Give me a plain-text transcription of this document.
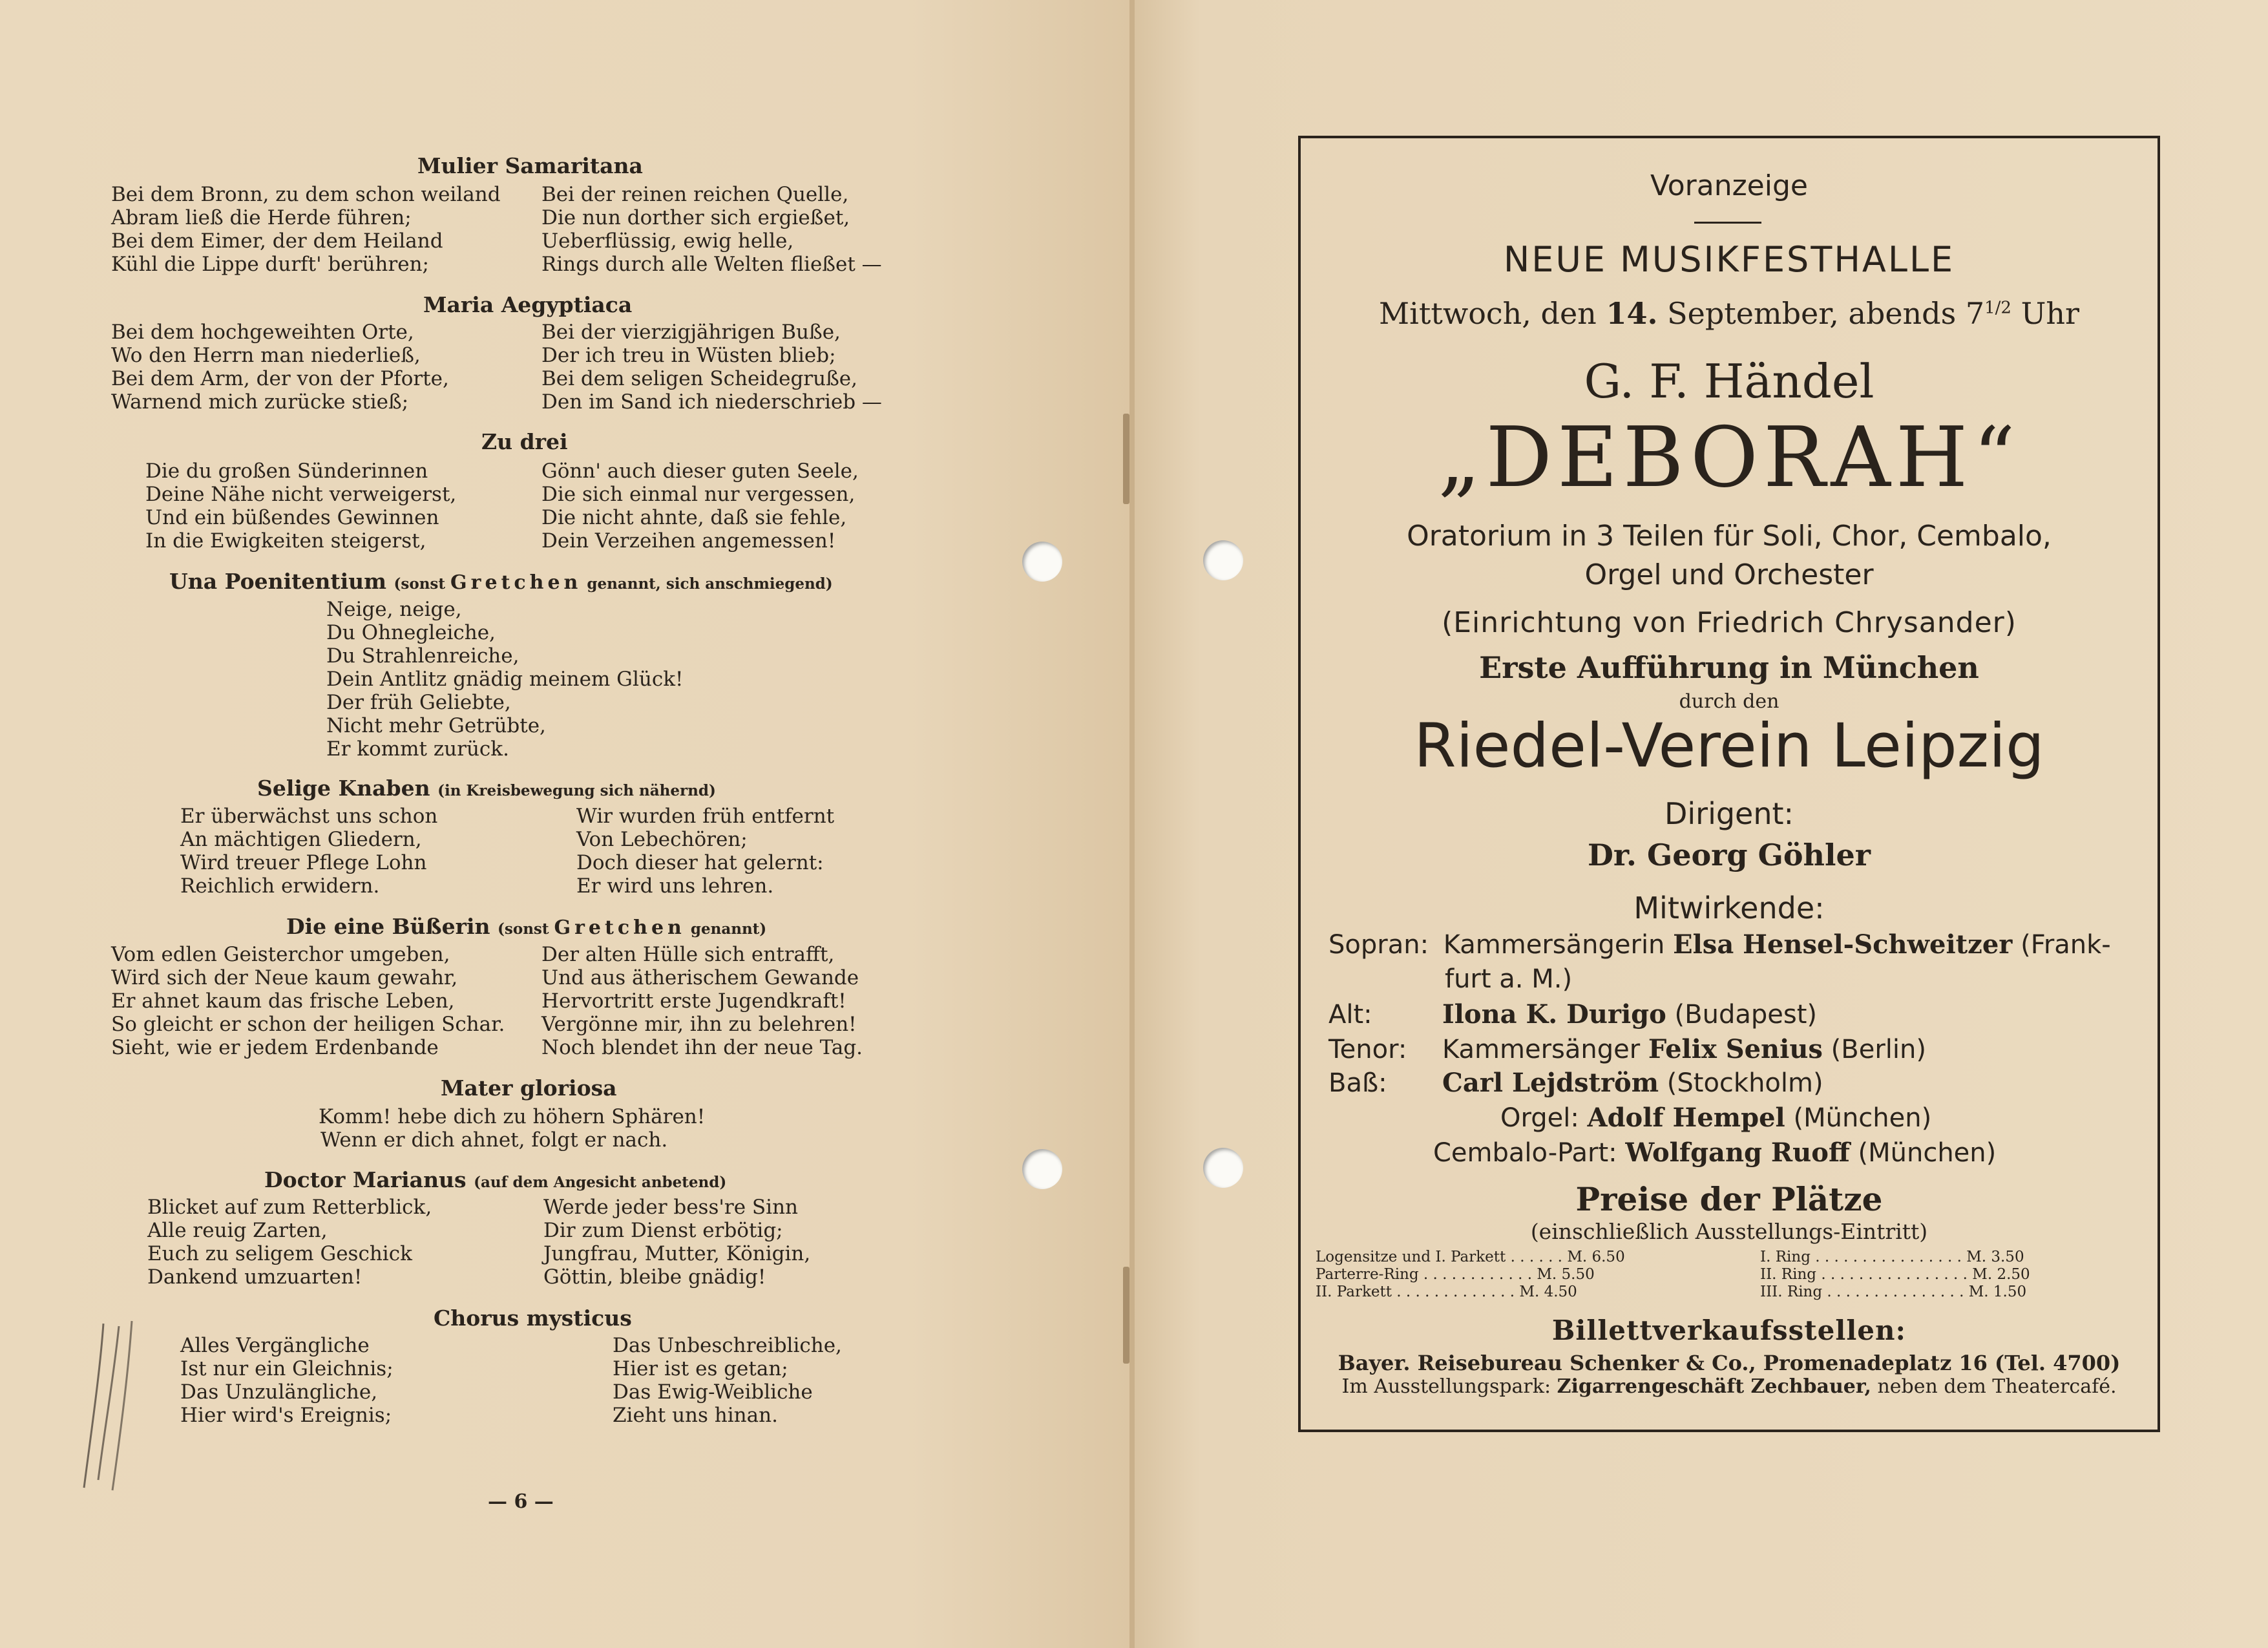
Mulier Samaritana
Bei dem Bronn, zu dem schon weiland
Abram ließ die Herde führen;
Bei dem Eimer, der dem Heiland
Kühl die Lippe durft' berühren;
Bei der reinen reichen Quelle,
Die nun dorther sich ergießet,
Ueberflüssig, ewig helle,
Rings durch alle Welten fließet —
Maria Aegyptiaca
Bei dem hochgeweihten Orte,
Wo den Herrn man niederließ,
Bei dem Arm, der von der Pforte,
Warnend mich zurücke stieß;
Bei der vierzigjährigen Buße,
Der ich treu in Wüsten blieb;
Bei dem seligen Scheidegruße,
Den im Sand ich niederschrieb —
Zu drei
Die du großen Sünderinnen
Deine Nähe nicht verweigerst,
Und ein büßendes Gewinnen
In die Ewigkeiten steigerst,
Gönn' auch dieser guten Seele,
Die sich einmal nur vergessen,
Die nicht ahnte, daß sie fehle,
Dein Verzeihen angemessen!
Una Poenitentium (sonst Gretchen genannt, sich anschmiegend)
Neige, neige,
Du Ohnegleiche,
Du Strahlenreiche,
Dein Antlitz gnädig meinem Glück!
Der früh Geliebte,
Nicht mehr Getrübte,
Er kommt zurück.
Selige Knaben (in Kreisbewegung sich nähernd)
Er überwächst uns schon
An mächtigen Gliedern,
Wird treuer Pflege Lohn
Reichlich erwidern.
Wir wurden früh entfernt
Von Lebechören;
Doch dieser hat gelernt:
Er wird uns lehren.
Die eine Büßerin (sonst Gretchen genannt)
Vom edlen Geisterchor umgeben,
Wird sich der Neue kaum gewahr,
Er ahnet kaum das frische Leben,
So gleicht er schon der heiligen Schar.
Sieht, wie er jedem Erdenbande
Der alten Hülle sich entrafft,
Und aus ätherischem Gewande
Hervortritt erste Jugendkraft!
Vergönne mir, ihn zu belehren!
Noch blendet ihn der neue Tag.
Mater gloriosa
Komm! hebe dich zu höhern Sphären!
Wenn er dich ahnet, folgt er nach.
Doctor Marianus (auf dem Angesicht anbetend)
Blicket auf zum Retterblick,
Alle reuig Zarten,
Euch zu seligem Geschick
Dankend umzuarten!
Werde jeder bess're Sinn
Dir zum Dienst erbötig;
Jungfrau, Mutter, Königin,
Göttin, bleibe gnädig!
Chorus mysticus
Alles Vergängliche
Ist nur ein Gleichnis;
Das Unzulängliche,
Hier wird's Ereignis;
Das Unbeschreibliche,
Hier ist es getan;
Das Ewig-Weibliche
Zieht uns hinan.
— 6 —
Voranzeige
NEUE MUSIKFESTHALLE
Mittwoch, den 14. September, abends $7^{1/2}$ Uhr
G. F. Händel
„DEBORAH“
Oratorium in 3 Teilen für Soli, Chor, Cembalo,
Orgel und Orchester
(Einrichtung von Friedrich Chrysander)
Erste Aufführung in München
durch den
Riedel-Verein Leipzig
Dirigent:
Dr. Georg Göhler
Mitwirkende:
Sopran: Kammersängerin Elsa Hensel-Schweitzer (Frank-
furt a. M.)
Alt:	Ilona K. Durigo (Budapest)
Tenor: Kammersänger Felix Senius (Berlin)
Baß: Carl Lejdström (Stockholm)
Orgel: Adolf Hempel (München)
Cembalo-Part: Wolfgang Ruoff (München)
Preise der Plätze
(einschließlich Ausstellungs-Eintritt)
Logensitze und I. Parkett . . . . . . M. 6.50
Parterre-Ring . . . . . . . . . . . . M. 5.50
II. Parkett . . . . . . . . . . . . . M. 4.50
I. Ring . . . . . . . . . . . . . . . . M. 3.50
II. Ring . . . . . . . . . . . . . . . . M. 2.50
III. Ring . . . . . . . . . . . . . . . M. 1.50
Billettverkaufsstellen:
Bayer. Reisebureau Schenker & Co., Promenadeplatz 16 (Tel. 4700)
Im Ausstellungspark: Zigarrengeschäft Zechbauer, neben dem Theatercafé.
